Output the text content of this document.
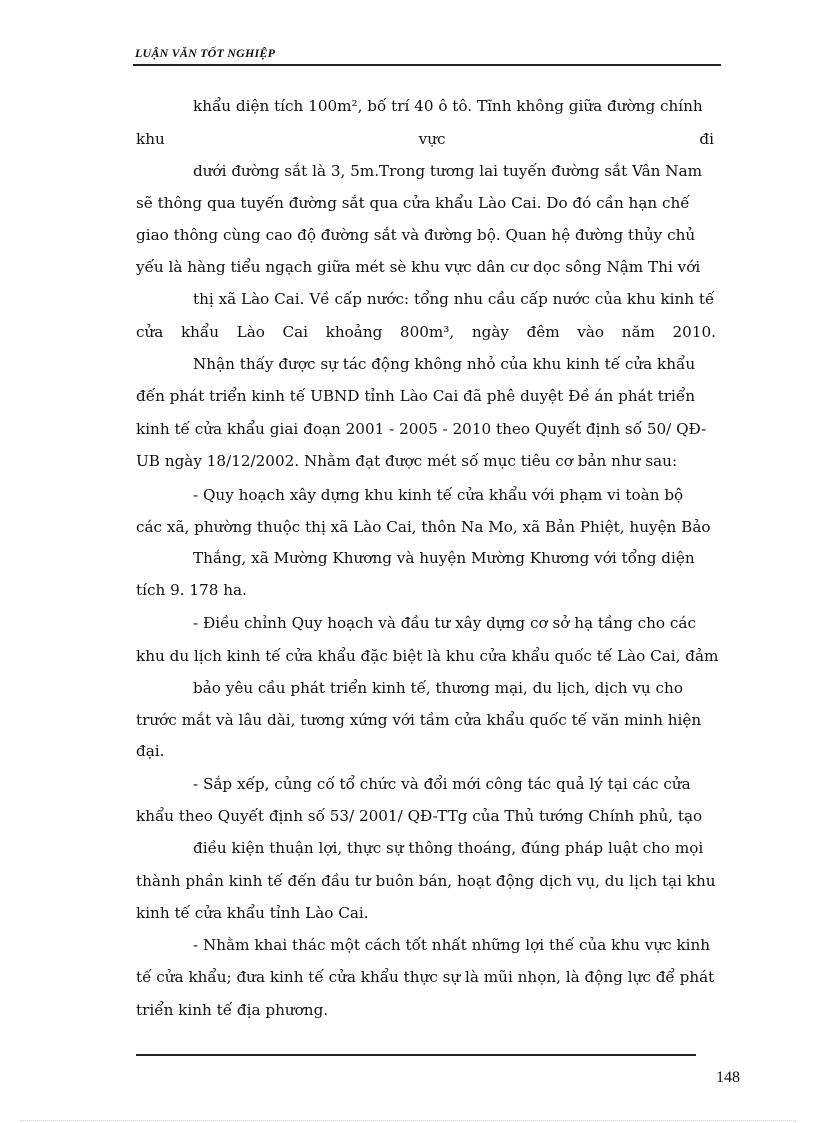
LUẬN VĂN TỐT NGHIỆP
khẩu diện tích 100m², bố trí 40 ô tô. Tĩnh không giữa đường chính
khu	vực	đi
dưới đường sắt là 3, 5m.Trong tương lai tuyến đường sắt Vân Nam
sẽ thông qua tuyến đường sắt qua cửa khẩu Lào Cai. Do đó cần hạn chế
giao thông cùng cao độ đường sắt và đường bộ. Quan hệ đường thủy chủ
yếu là hàng tiểu ngạch giữa mét sè khu vực dân cư dọc sông Nậm Thi với
thị xã Lào Cai. Về cấp nước: tổng nhu cầu cấp nước của khu kinh tế
cửa khẩu Lào Cai khoảng 800m³, ngày đêm vào năm 2010.
Nhận thấy được sự tác động không nhỏ của khu kinh tế cửa khẩu
đến phát triển kinh tế UBND tỉnh Lào Cai đã phê duyệt Đề án phát triển
kinh tế cửa khẩu giai đoạn 2001 - 2005 - 2010 theo Quyết định số 50/ QĐ-
UB ngày 18/12/2002. Nhằm đạt được mét số mục tiêu cơ bản như sau:
- Quy hoạch xây dựng khu kinh tế cửa khẩu với phạm vi toàn bộ
các xã, phường thuộc thị xã Lào Cai, thôn Na Mo, xã Bản Phiệt, huyện Bảo
Thắng, xã Mường Khương và huyện Mường Khương với tổng diện
tích 9. 178 ha.
- Điều chỉnh Quy hoạch và đầu tư xây dựng cơ sở hạ tầng cho các
khu du lịch kinh tế cửa khẩu đặc biệt là khu cửa khẩu quốc tế Lào Cai, đảm
bảo yêu cầu phát triển kinh tế, thương mại, du lịch, dịch vụ cho
trước mắt và lâu dài, tương xứng với tầm cửa khẩu quốc tế văn minh hiện
đại.
- Sắp xếp, củng cố tổ chức và đổi mới công tác quả lý tại các cửa
khẩu theo Quyết định số 53/ 2001/ QĐ-TTg của Thủ tướng Chính phủ, tạo
điều kiện thuận lợi, thực sự thông thoáng, đúng pháp luật cho mọi
thành phần kinh tế đến đầu tư buôn bán, hoạt động dịch vụ, du lịch tại khu
kinh tế cửa khẩu tỉnh Lào Cai.
- Nhằm khai thác một cách tốt nhất những lợi thế của khu vực kinh
tế cửa khẩu; đưa kinh tế cửa khẩu thực sự là mũi nhọn, là động lực để phát
triển kinh tế địa phương.
148
